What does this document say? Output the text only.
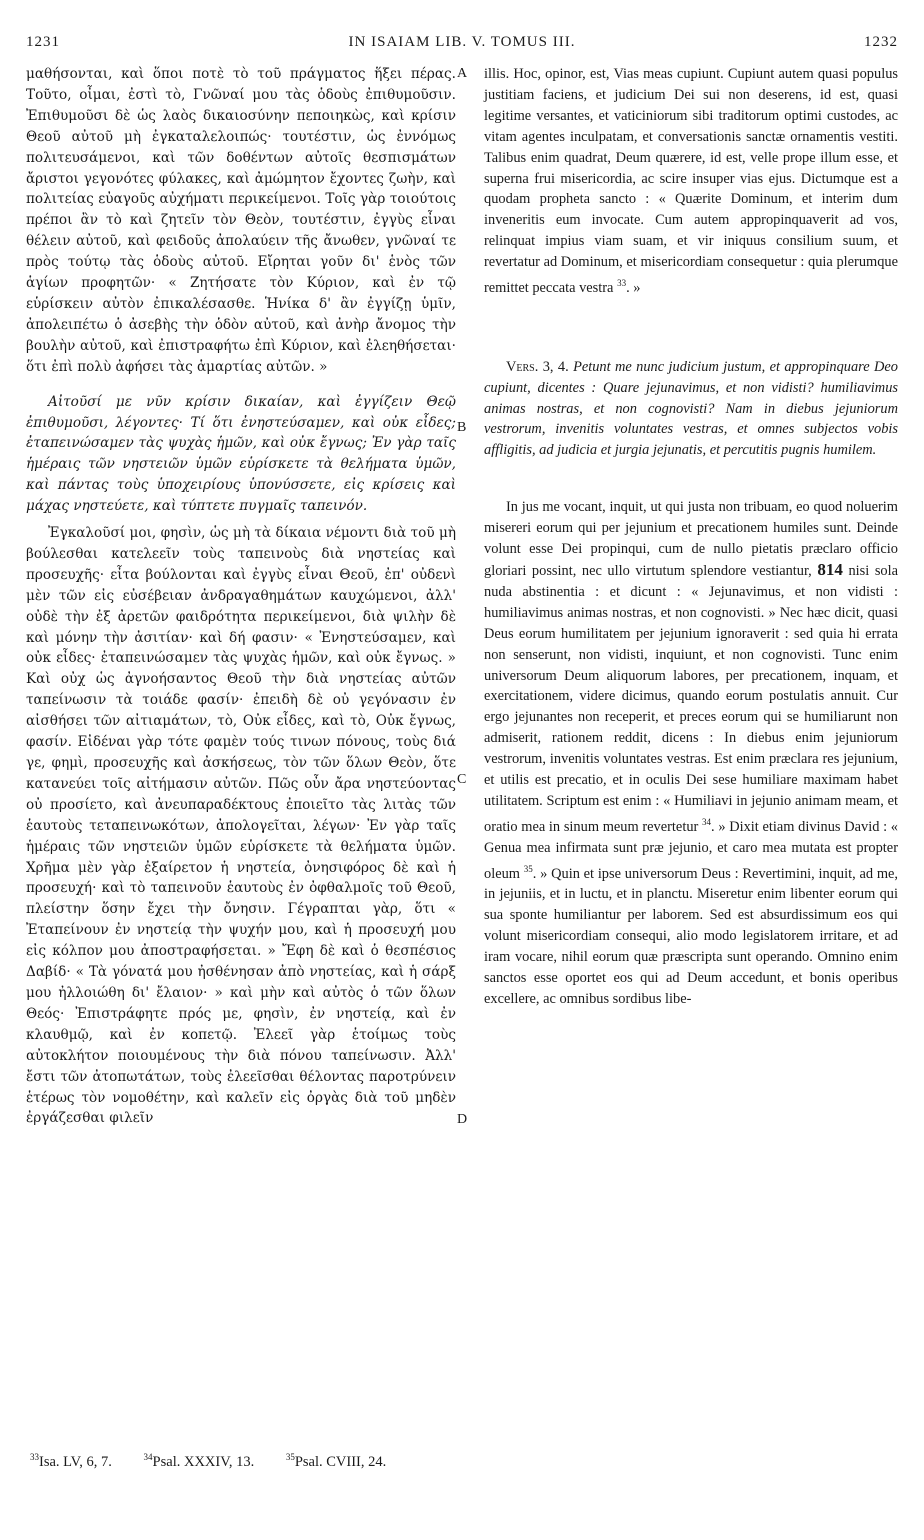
1231	IN ISAIAM LIB. V. TOMUS III.	1232
A
B
C
D

μαθήσονται, καὶ ὅποι ποτὲ τὸ τοῦ πράγματος ἥξει πέρας. Τοῦτο, οἶμαι, ἐστὶ τὸ, Γνῶναί μου τὰς ὁδοὺς ἐπιθυμοῦσιν. Ἐπιθυμοῦσι δὲ ὡς λαὸς δικαιοσύνην πεποιηκὼς, καὶ κρίσιν Θεοῦ αὐτοῦ μὴ ἐγκαταλελοιπώς· τουτέστιν, ὡς ἐννόμως πολιτευσάμενοι, καὶ τῶν δοθέντων αὐτοῖς θεσπισμάτων ἄριστοι γεγονότες φύλακες, καὶ ἀμώμητον ἔχοντες ζωὴν, καὶ πολιτείας εὐαγοῦς αὐχήματι περικείμενοι. Τοῖς γὰρ τοιούτοις πρέποι ἂν τὸ καὶ ζητεῖν τὸν Θεὸν, τουτέστιν, ἐγγὺς εἶναι θέλειν αὐτοῦ, καὶ φειδοῦς ἀπολαύειν τῆς ἄνωθεν, γνῶναί τε πρὸς τούτῳ τὰς ὁδοὺς αὐτοῦ. Εἴρηται γοῦν δι' ἑνὸς τῶν ἁγίων προφητῶν· « Ζητήσατε τὸν Κύριον, καὶ ἐν τῷ εὑρίσκειν αὐτὸν ἐπικαλέσασθε. Ἡνίκα δ' ἂν ἐγγίζῃ ὑμῖν, ἀπολειπέτω ὁ ἀσεβὴς τὴν ὁδὸν αὐτοῦ, καὶ ἀνὴρ ἄνομος τὴν βουλὴν αὐτοῦ, καὶ ἐπιστραφήτω ἐπὶ Κύριον, καὶ ἐλεηθήσεται· ὅτι ἐπὶ πολὺ ἀφήσει τὰς ἁμαρτίας αὐτῶν. »

Αἰτοῦσί με νῦν κρίσιν δικαίαν, καὶ ἐγγίζειν Θεῷ ἐπιθυμοῦσι, λέγοντες· Τί ὅτι ἐνηστεύσαμεν, καὶ οὐκ εἶδες; ἐταπεινώσαμεν τὰς ψυχὰς ἡμῶν, καὶ οὐκ ἔγνως; Ἐν γὰρ ταῖς ἡμέραις τῶν νηστειῶν ὑμῶν εὑρίσκετε τὰ θελήματα ὑμῶν, καὶ πάντας τοὺς ὑποχειρίους ὑπονύσσετε, εἰς κρίσεις καὶ μάχας νηστεύετε, καὶ τύπτετε πυγμαῖς ταπεινόν.

Ἐγκαλοῦσί μοι, φησὶν, ὡς μὴ τὰ δίκαια νέμοντι διὰ τοῦ μὴ βούλεσθαι κατελεεῖν τοὺς ταπεινοὺς διὰ νηστείας καὶ προσευχῆς· εἶτα βούλονται καὶ ἐγγὺς εἶναι Θεοῦ, ἐπ' οὐδενὶ μὲν τῶν εἰς εὐσέβειαν ἀνδραγαθημάτων καυχώμενοι, ἀλλ' οὐδὲ τὴν ἐξ ἀρετῶν φαιδρότητα περικείμενοι, διὰ ψιλὴν δὲ καὶ μόνην τὴν ἀσιτίαν· καὶ δή φασιν· « Ἐνηστεύσαμεν, καὶ οὐκ εἶδες· ἐταπεινώσαμεν τὰς ψυχὰς ἡμῶν, καὶ οὐκ ἔγνως. » Καὶ οὐχ ὡς ἀγνοήσαντος Θεοῦ τὴν διὰ νηστείας αὐτῶν ταπείνωσιν τὰ τοιάδε φασίν· ἐπειδὴ δὲ οὐ γεγόνασιν ἐν αἰσθήσει τῶν αἰτιαμάτων, τὸ, Οὐκ εἶδες, καὶ τὸ, Οὐκ ἔγνως, φασίν. Εἰδέναι γὰρ τότε φαμὲν τούς τινων πόνους, τοὺς διά γε, φημὶ, προσευχῆς καὶ ἀσκήσεως, τὸν τῶν ὅλων Θεὸν, ὅτε κατανεύει τοῖς αἰτήμασιν αὐτῶν. Πῶς οὖν ἄρα νηστεύοντας οὐ προσίετο, καὶ ἀνευπαραδέκτους ἐποιεῖτο τὰς λιτὰς τῶν ἑαυτοὺς τεταπεινωκότων, ἀπολογεῖται, λέγων· Ἐν γὰρ ταῖς ἡμέραις τῶν νηστειῶν ὑμῶν εὑρίσκετε τὰ θελήματα ὑμῶν. Χρῆμα μὲν γὰρ ἐξαίρετον ἡ νηστεία, ὀνησιφόρος δὲ καὶ ἡ προσευχή· καὶ τὸ ταπεινοῦν ἑαυτοὺς ἐν ὀφθαλμοῖς τοῦ Θεοῦ, πλείστην ὅσην ἔχει τὴν ὄνησιν. Γέγραπται γὰρ, ὅτι « Ἐταπείνουν ἐν νηστείᾳ τὴν ψυχήν μου, καὶ ἡ προσευχή μου εἰς κόλπον μου ἀποστραφήσεται. » Ἔφη δὲ καὶ ὁ θεσπέσιος Δαβίδ· « Τὰ γόνατά μου ἠσθένησαν ἀπὸ νηστείας, καὶ ἡ σάρξ μου ἠλλοιώθη δι' ἔλαιον· » καὶ μὴν καὶ αὐτὸς ὁ τῶν ὅλων Θεός· Ἐπιστράφητε πρός με, φησὶν, ἐν νηστείᾳ, καὶ ἐν κλαυθμῷ, καὶ ἐν κοπετῷ. Ἐλεεῖ γὰρ ἑτοίμως τοὺς αὐτοκλήτον ποιουμένους τὴν διὰ πόνου ταπείνωσιν. Ἀλλ' ἔστι τῶν ἀτοπωτάτων, τοὺς ἐλεεῖσθαι θέλοντας παροτρύνειν ἑτέρως τὸν νομοθέτην, καὶ καλεῖν εἰς ὀργὰς διὰ τοῦ μηδὲν ἐργάζεσθαι φιλεῖν

illis. Hoc, opinor, est, Vias meas cupiunt. Cupiunt autem quasi populus justitiam faciens, et judicium Dei sui non deserens, id est, quasi legitime versantes, et vaticiniorum sibi traditorum optimi custodes, ac vitam agentes inculpatam, et conversationis sanctæ ornamentis vestiti. Talibus enim quadrat, Deum quærere, id est, velle prope illum esse, et superna frui misericordia, ac scire insuper vias ejus. Dictumque est a quodam propheta sancto : « Quærite Dominum, et interim dum inveneritis eum invocate. Cum autem appropinquaverit ad vos, relinquat impius viam suam, et vir iniquus consilium suum, et revertatur ad Dominum, et misericordiam consequetur : quia plerumque remittet peccata vestra $^{33}$. »

Vers. 3, 4. Petunt me nunc judicium justum, et appropinquare Deo cupiunt, dicentes : Quare jejunavimus, et non vidisti? humiliavimus animas nostras, et non cognovisti? Nam in diebus jejuniorum vestrorum, invenitis voluntates vestras, et omnes subjectos vobis affligitis, ad judicia et jurgia jejunatis, et percutitis pugnis humilem.

In jus me vocant, inquit, ut qui justa non tribuam, eo quod noluerim misereri eorum qui per jejunium et precationem humiles sunt. Deinde volunt esse Dei propinqui, cum de nullo pietatis præclaro officio gloriari possint, nec ullo virtutum splendore vestiantur, 814 nisi sola nuda abstinentia : et dicunt : « Jejunavimus, et non vidisti : humiliavimus animas nostras, et non cognovisti. » Nec hæc dicit, quasi Deus eorum humilitatem per jejunium ignoraverit : sed quia hi errata non senserunt, non vidisti, inquiunt, et non cognovisti. Tunc enim universorum Deum aliquorum labores, per precationem, inquam, et exercitationem, videre dicimus, quando eorum postulatis annuit. Cur ergo jejunantes non receperit, et preces eorum qui se humiliarunt non admiserit, rationem reddit, dicens : In diebus enim jejuniorum vestrorum, invenitis voluntates vestras. Est enim præclara res jejunium, et utilis est precatio, et in oculis Dei sese humiliare maximam habet utilitatem. Scriptum est enim : « Humiliavi in jejunio animam meam, et oratio mea in sinum meum revertetur $^{34}$. » Dixit etiam divinus David : « Genua mea infirmata sunt præ jejunio, et caro mea mutata est propter oleum $^{35}$. » Quin et ipse universorum Deus : Revertimini, inquit, ad me, in jejuniis, et in luctu, et in planctu. Miseretur enim libenter eorum qui sua sponte humiliantur per laborem. Sed est absurdissimum eos qui volunt misericordiam consequi, alio modo legislatorem irritare, et ad iram vocare, nihil eorum quæ præscripta sunt operando. Omnino enim sanctos esse oportet eos qui ad Deum accedunt, et bonis operibus excellere, ac omnibus sordibus libe-

$^{33}$Isa. LV, 6, 7.	$^{34}$Psal. XXXIV, 13.	$^{35}$Psal. CVIII, 24.
